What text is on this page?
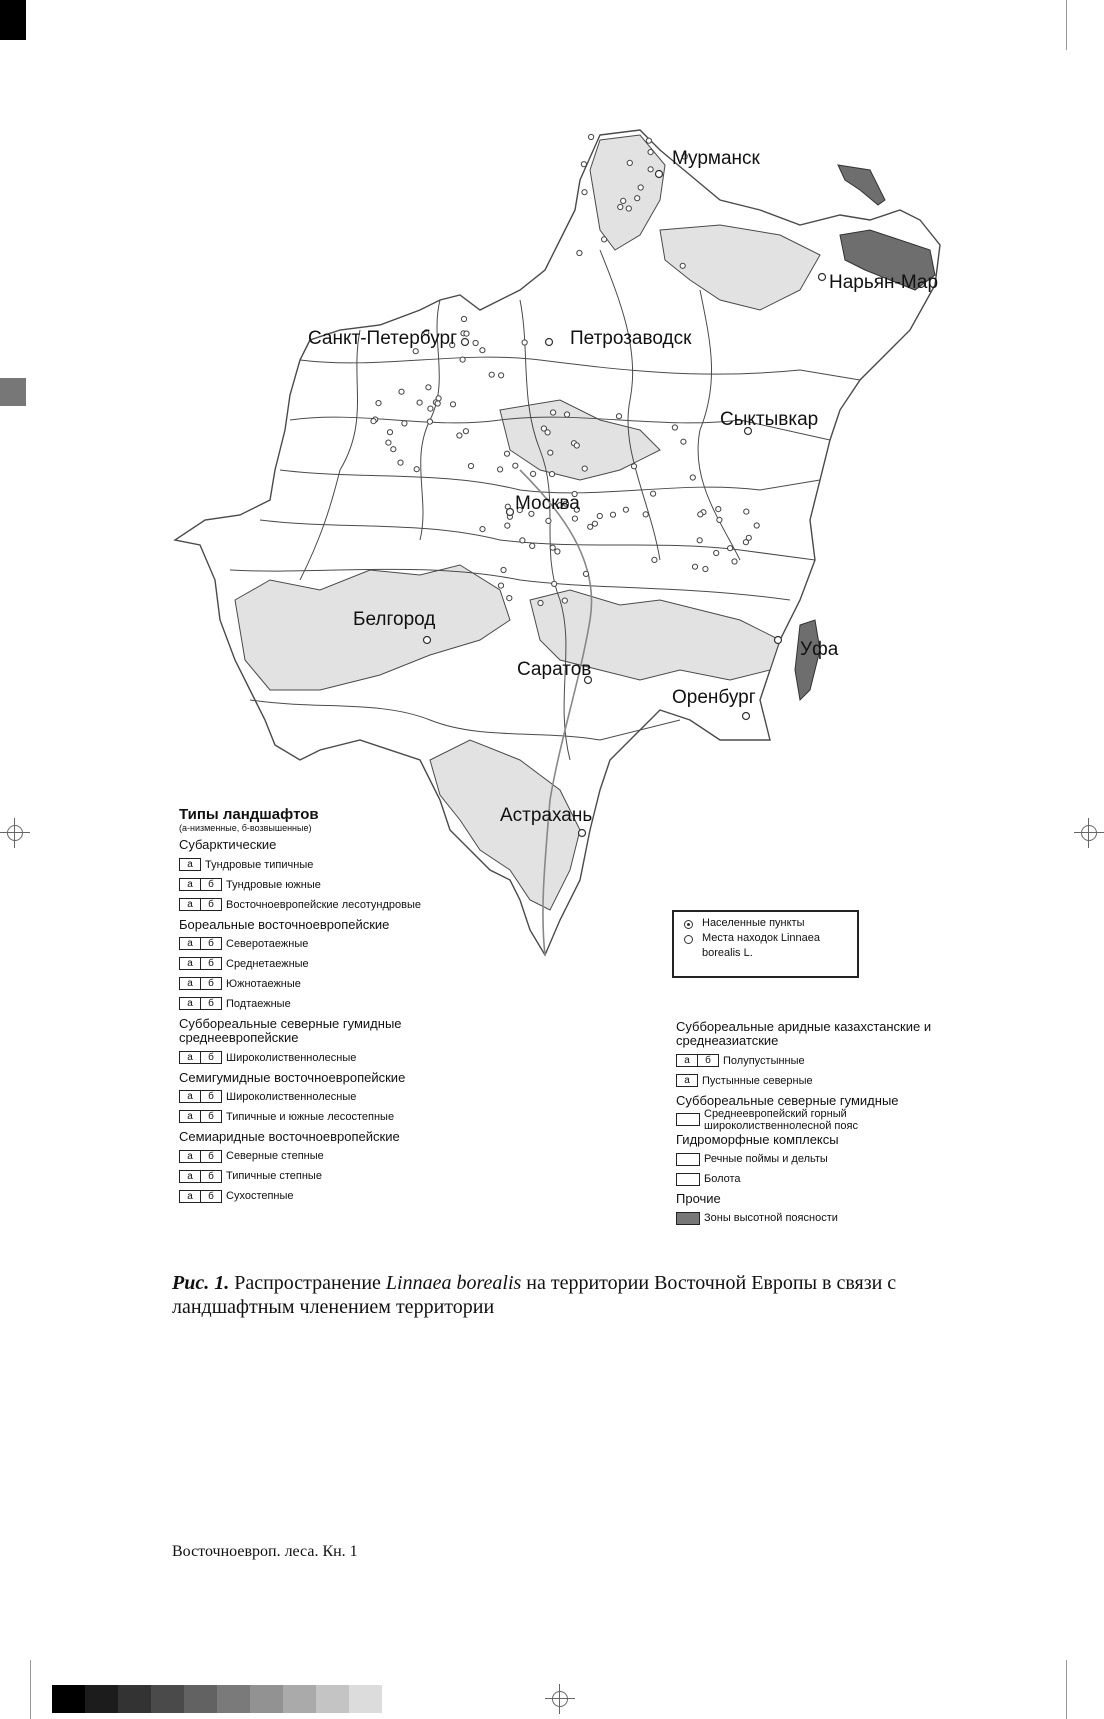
Мурманск
Нарьян-Мар
Санкт-Петербург	Петрозаводск
Сыктывкар
Москва
Белгород
Саратов
Уфа
Оренбург
Астрахань
Типы ландшафтов
(а-низменные, б-возвышенные)
Субарктические
а	Тундровые типичные
а	б	Тундровые южные
а	б	Восточноевропейские лесотундровые
Бореальные восточноевропейские
а	б	Северотаежные
а	б	Среднетаежные
а	б	Южнотаежные
а	б	Подтаежные
Суббореальные северные гумидные среднеевропейские
а	б	Широколиственнолесные
Семигумидные восточноевропейские
а	б	Широколиственнолесные
а	б	Типичные и южные лесостепные
Семиаридные восточноевропейские
а	б	Северные степные
а	б	Типичные степные
а	б	Сухостепные
Населенные пункты
Места находок Linnaea
borealis L.
Суббореальные аридные казахстанские и среднеазиатские
а	б	Полупустынные
а	Пустынные северные
Суббореальные северные гумидные
Среднеевропейский горный широколиственнолесной пояс
Гидроморфные комплексы
Речные поймы и дельты
Болота
Прочие
Зоны высотной поясности
Рис. 1. Распространение Linnaea borealis на территории Восточной Европы в связи с ландшафтным членением территории
Восточноевроп. леса. Кн. 1
